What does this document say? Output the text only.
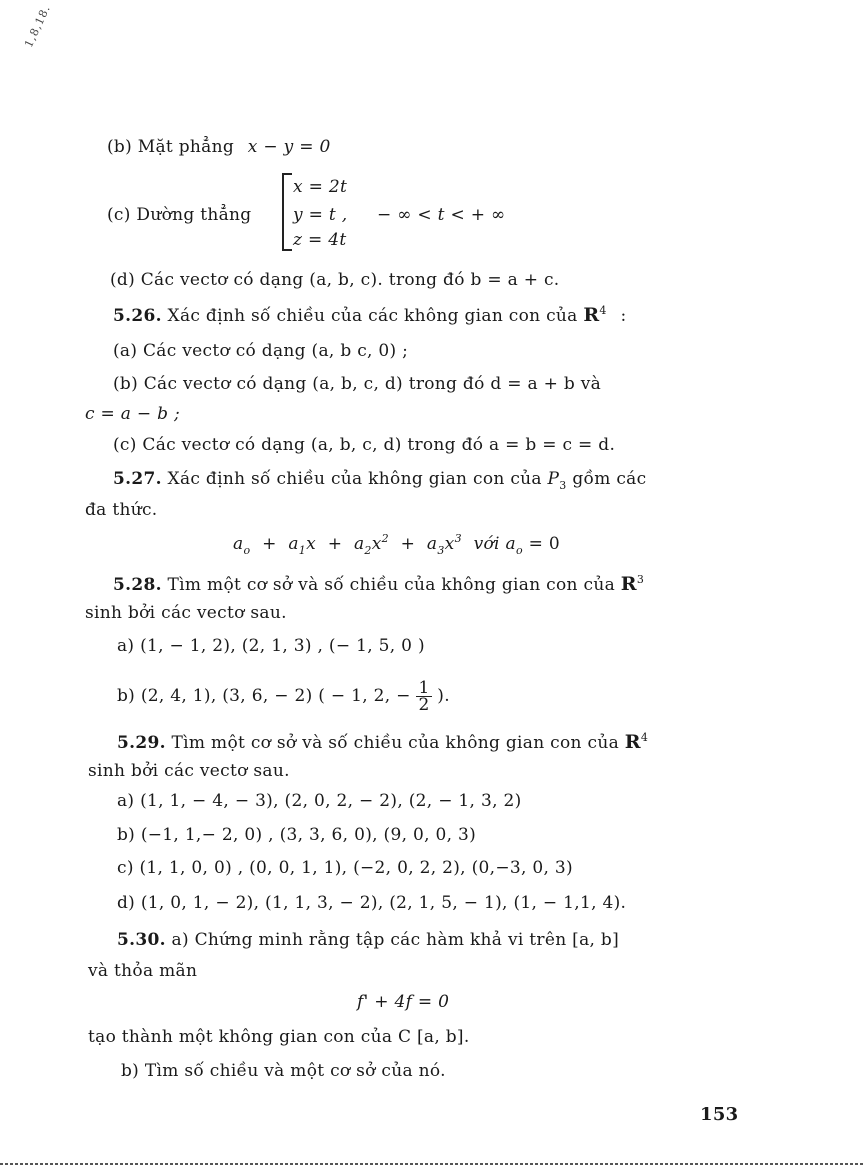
1,8,18.
(b) Mặt phẳng x − y = 0
(c) Dường thẳng
x = 2t
y = t , − ∞ < t < + ∞
z = 4t
(d) Các vectơ có dạng (a, b, c). trong đó b = a + c.
5.26. Xác định số chiều của các không gian con của $R^4$ :
(a) Các vectơ có dạng (a, b c, 0) ;
(b) Các vectơ có dạng (a, b, c, d) trong đó d = a + b và
c = a − b ;
(c) Các vectơ có dạng (a, b, c, d) trong đó a = b = c = d.
5.27. Xác định số chiều của không gian con của $P_3$ gồm các
đa thức.
$a_o + a_1x + a_2x^2 + a_3x^3$ với $a_o = 0$
5.28. Tìm một cơ sở và số chiều của không gian con của $R^3$
sinh bởi các vectơ sau.
a) (1, − 1, 2), (2, 1, 3) , (− 1, 5, 0 )
b) (2, 4, 1), (3, 6, − 2) ( − 1, 2, − $\frac{1}{2}$ ).
5.29. Tìm một cơ sở và số chiều của không gian con của $R^4$
sinh bởi các vectơ sau.
a) (1, 1, − 4, − 3), (2, 0, 2, − 2), (2, − 1, 3, 2)
b) (−1, 1,− 2, 0) , (3, 3, 6, 0), (9, 0, 0, 3)
c) (1, 1, 0, 0) , (0, 0, 1, 1), (−2, 0, 2, 2), (0,−3, 0, 3)
d) (1, 0, 1, − 2), (1, 1, 3, − 2), (2, 1, 5, − 1), (1, − 1,1, 4).
5.30. a) Chứng minh rằng tập các hàm khả vi trên [a, b]
và thỏa mãn
f' + 4f = 0
tạo thành một không gian con của C [a, b].
b) Tìm số chiều và một cơ sở của nó.
153
